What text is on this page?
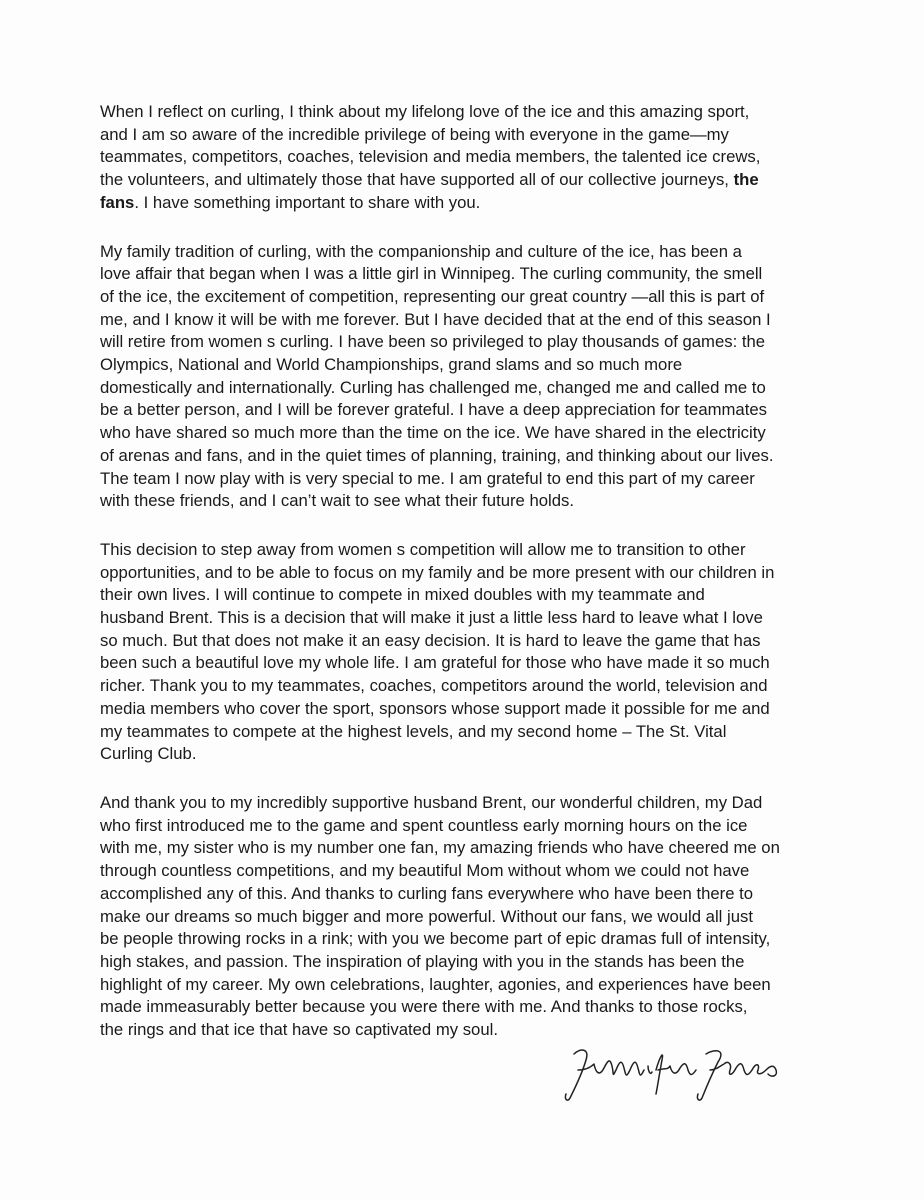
When I reflect on curling, I think about my lifelong love of the ice and this amazing sport,
and I am so aware of the incredible privilege of being with everyone in the game—my
teammates, competitors, coaches, television and media members, the talented ice crews,
the volunteers, and ultimately those that have supported all of our collective journeys, the
fans. I have something important to share with you.

My family tradition of curling, with the companionship and culture of the ice, has been a
love affair that began when I was a little girl in Winnipeg. The curling community, the smell
of the ice, the excitement of competition, representing our great country —all this is part of
me, and I know it will be with me forever. But I have decided that at the end of this season I
will retire from women s curling. I have been so privileged to play thousands of games: the
Olympics, National and World Championships, grand slams and so much more
domestically and internationally. Curling has challenged me, changed me and called me to
be a better person, and I will be forever grateful. I have a deep appreciation for teammates
who have shared so much more than the time on the ice. We have shared in the electricity
of arenas and fans, and in the quiet times of planning, training, and thinking about our lives.
The team I now play with is very special to me. I am grateful to end this part of my career
with these friends, and I can’t wait to see what their future holds.

This decision to step away from women s competition will allow me to transition to other
opportunities, and to be able to focus on my family and be more present with our children in
their own lives. I will continue to compete in mixed doubles with my teammate and
husband Brent. This is a decision that will make it just a little less hard to leave what I love
so much. But that does not make it an easy decision. It is hard to leave the game that has
been such a beautiful love my whole life. I am grateful for those who have made it so much
richer. Thank you to my teammates, coaches, competitors around the world, television and
media members who cover the sport, sponsors whose support made it possible for me and
my teammates to compete at the highest levels, and my second home – The St. Vital
Curling Club.

And thank you to my incredibly supportive husband Brent, our wonderful children, my Dad
who first introduced me to the game and spent countless early morning hours on the ice
with me, my sister who is my number one fan, my amazing friends who have cheered me on
through countless competitions, and my beautiful Mom without whom we could not have
accomplished any of this. And thanks to curling fans everywhere who have been there to
make our dreams so much bigger and more powerful. Without our fans, we would all just
be people throwing rocks in a rink; with you we become part of epic dramas full of intensity,
high stakes, and passion. The inspiration of playing with you in the stands has been the
highlight of my career. My own celebrations, laughter, agonies, and experiences have been
made immeasurably better because you were there with me. And thanks to those rocks,
the rings and that ice that have so captivated my soul.
